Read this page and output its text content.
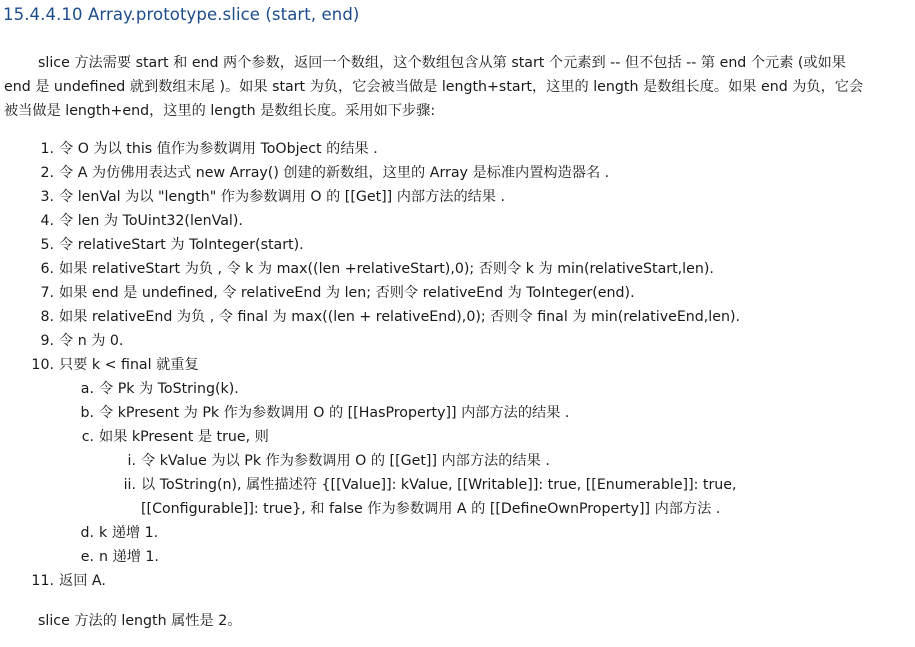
15.4.4.10 Array.prototype.slice (start, end)

slice 方法需要 start 和 end 两个参数，返回一个数组，这个数组包含从第 start 个元素到 -- 但不包括 -- 第 end 个元素 (或如果 end 是 undefined 就到数组末尾 )。如果 start 为负，它会被当做是 length+start，这里的 length 是数组长度。如果 end 为负，它会被当做是 length+end，这里的 length 是数组长度。采用如下步骤:

1. 令 O 为以 this 值作为参数调用 ToObject 的结果 .
2. 令 A 为仿佛用表达式 new Array() 创建的新数组，这里的 Array 是标准内置构造器名 .
3. 令 lenVal 为以 "length" 作为参数调用 O 的 [[Get]] 内部方法的结果 .
4. 令 len 为 ToUint32(lenVal).
5. 令 relativeStart 为 ToInteger(start).
6. 如果 relativeStart 为负 , 令 k 为 max((len +relativeStart),0); 否则令 k 为 min(relativeStart,len).
7. 如果 end 是 undefined, 令 relativeEnd 为 len; 否则令 relativeEnd 为 ToInteger(end).
8. 如果 relativeEnd 为负 , 令 final 为 max((len + relativeEnd),0); 否则令 final 为 min(relativeEnd,len).
9. 令 n 为 0.
10. 只要 k < final 就重复
a. 令 Pk 为 ToString(k).
b. 令 kPresent 为 Pk 作为参数调用 O 的 [[HasProperty]] 内部方法的结果 .
c. 如果 kPresent 是 true, 则
i. 令 kValue 为以 Pk 作为参数调用 O 的 [[Get]] 内部方法的结果 .
ii. 以 ToString(n), 属性描述符 {[[Value]]: kValue, [[Writable]]: true, [[Enumerable]]: true, [[Configurable]]: true}, 和 false 作为参数调用 A 的 [[DefineOwnProperty]] 内部方法 .
d. k 递增 1.
e. n 递增 1.
11. 返回 A.

slice 方法的 length 属性是 2。
